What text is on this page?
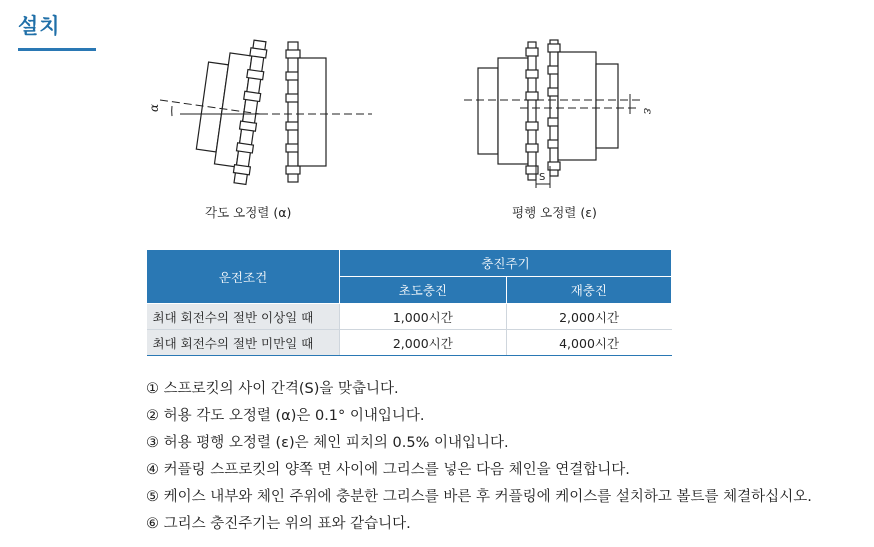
설치
α
각도 오정렬 (α)
ε
S
평행 오정렬 (ε)
운전조건	충진주기	
	초도충진	재충진
최대 회전수의 절반 이상일 때	1,000시간	2,000시간
최대 회전수의 절반 미만일 때	2,000시간	4,000시간
① 스프로킷의 사이 간격(S)을 맞춥니다.
② 허용 각도 오정렬 (α)은 0.1° 이내입니다.
③ 허용 평행 오정렬 (ε)은 체인 피치의 0.5% 이내입니다.
④ 커플링 스프로킷의 양쪽 면 사이에 그리스를 넣은 다음 체인을 연결합니다.
⑤ 케이스 내부와 체인 주위에 충분한 그리스를 바른 후 커플링에 케이스를 설치하고 볼트를 체결하십시오.
⑥ 그리스 충진주기는 위의 표와 같습니다.
